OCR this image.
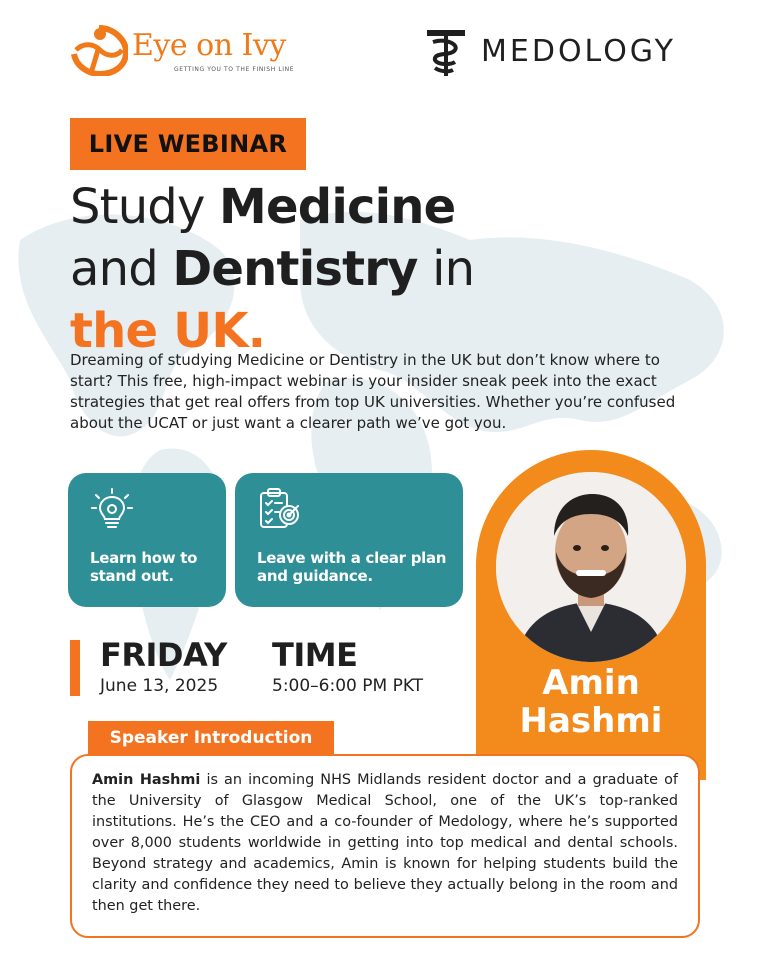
Eye on Ivy
GETTING YOU TO THE FINISH LINE
MEDOLOGY
LIVE WEBINAR
Study Medicine
and Dentistry in
the UK.
Dreaming of studying Medicine or Dentistry in the UK but don’t know where to start? This free, high-impact webinar is your insider sneak peek into the exact strategies that get real offers from top UK universities. Whether you’re confused about the UCAT or just want a clearer path we’ve got you.
Learn how to stand out.
Leave with a clear plan and guidance.
FRIDAY
June 13, 2025
TIME
5:00–6:00 PM PKT	Amin
Hashmi
Amin Hashmi is an incoming NHS Midlands resident doctor and a graduate of the University of Glasgow Medical School, one of the UK’s top-ranked institutions. He’s the CEO and a co-founder of Medology, where he’s supported over 8,000 students worldwide in getting into top medical and dental schools. Beyond strategy and academics, Amin is known for helping students build the clarity and confidence they need to believe they actually belong in the room and then get there.
Speaker Introduction
